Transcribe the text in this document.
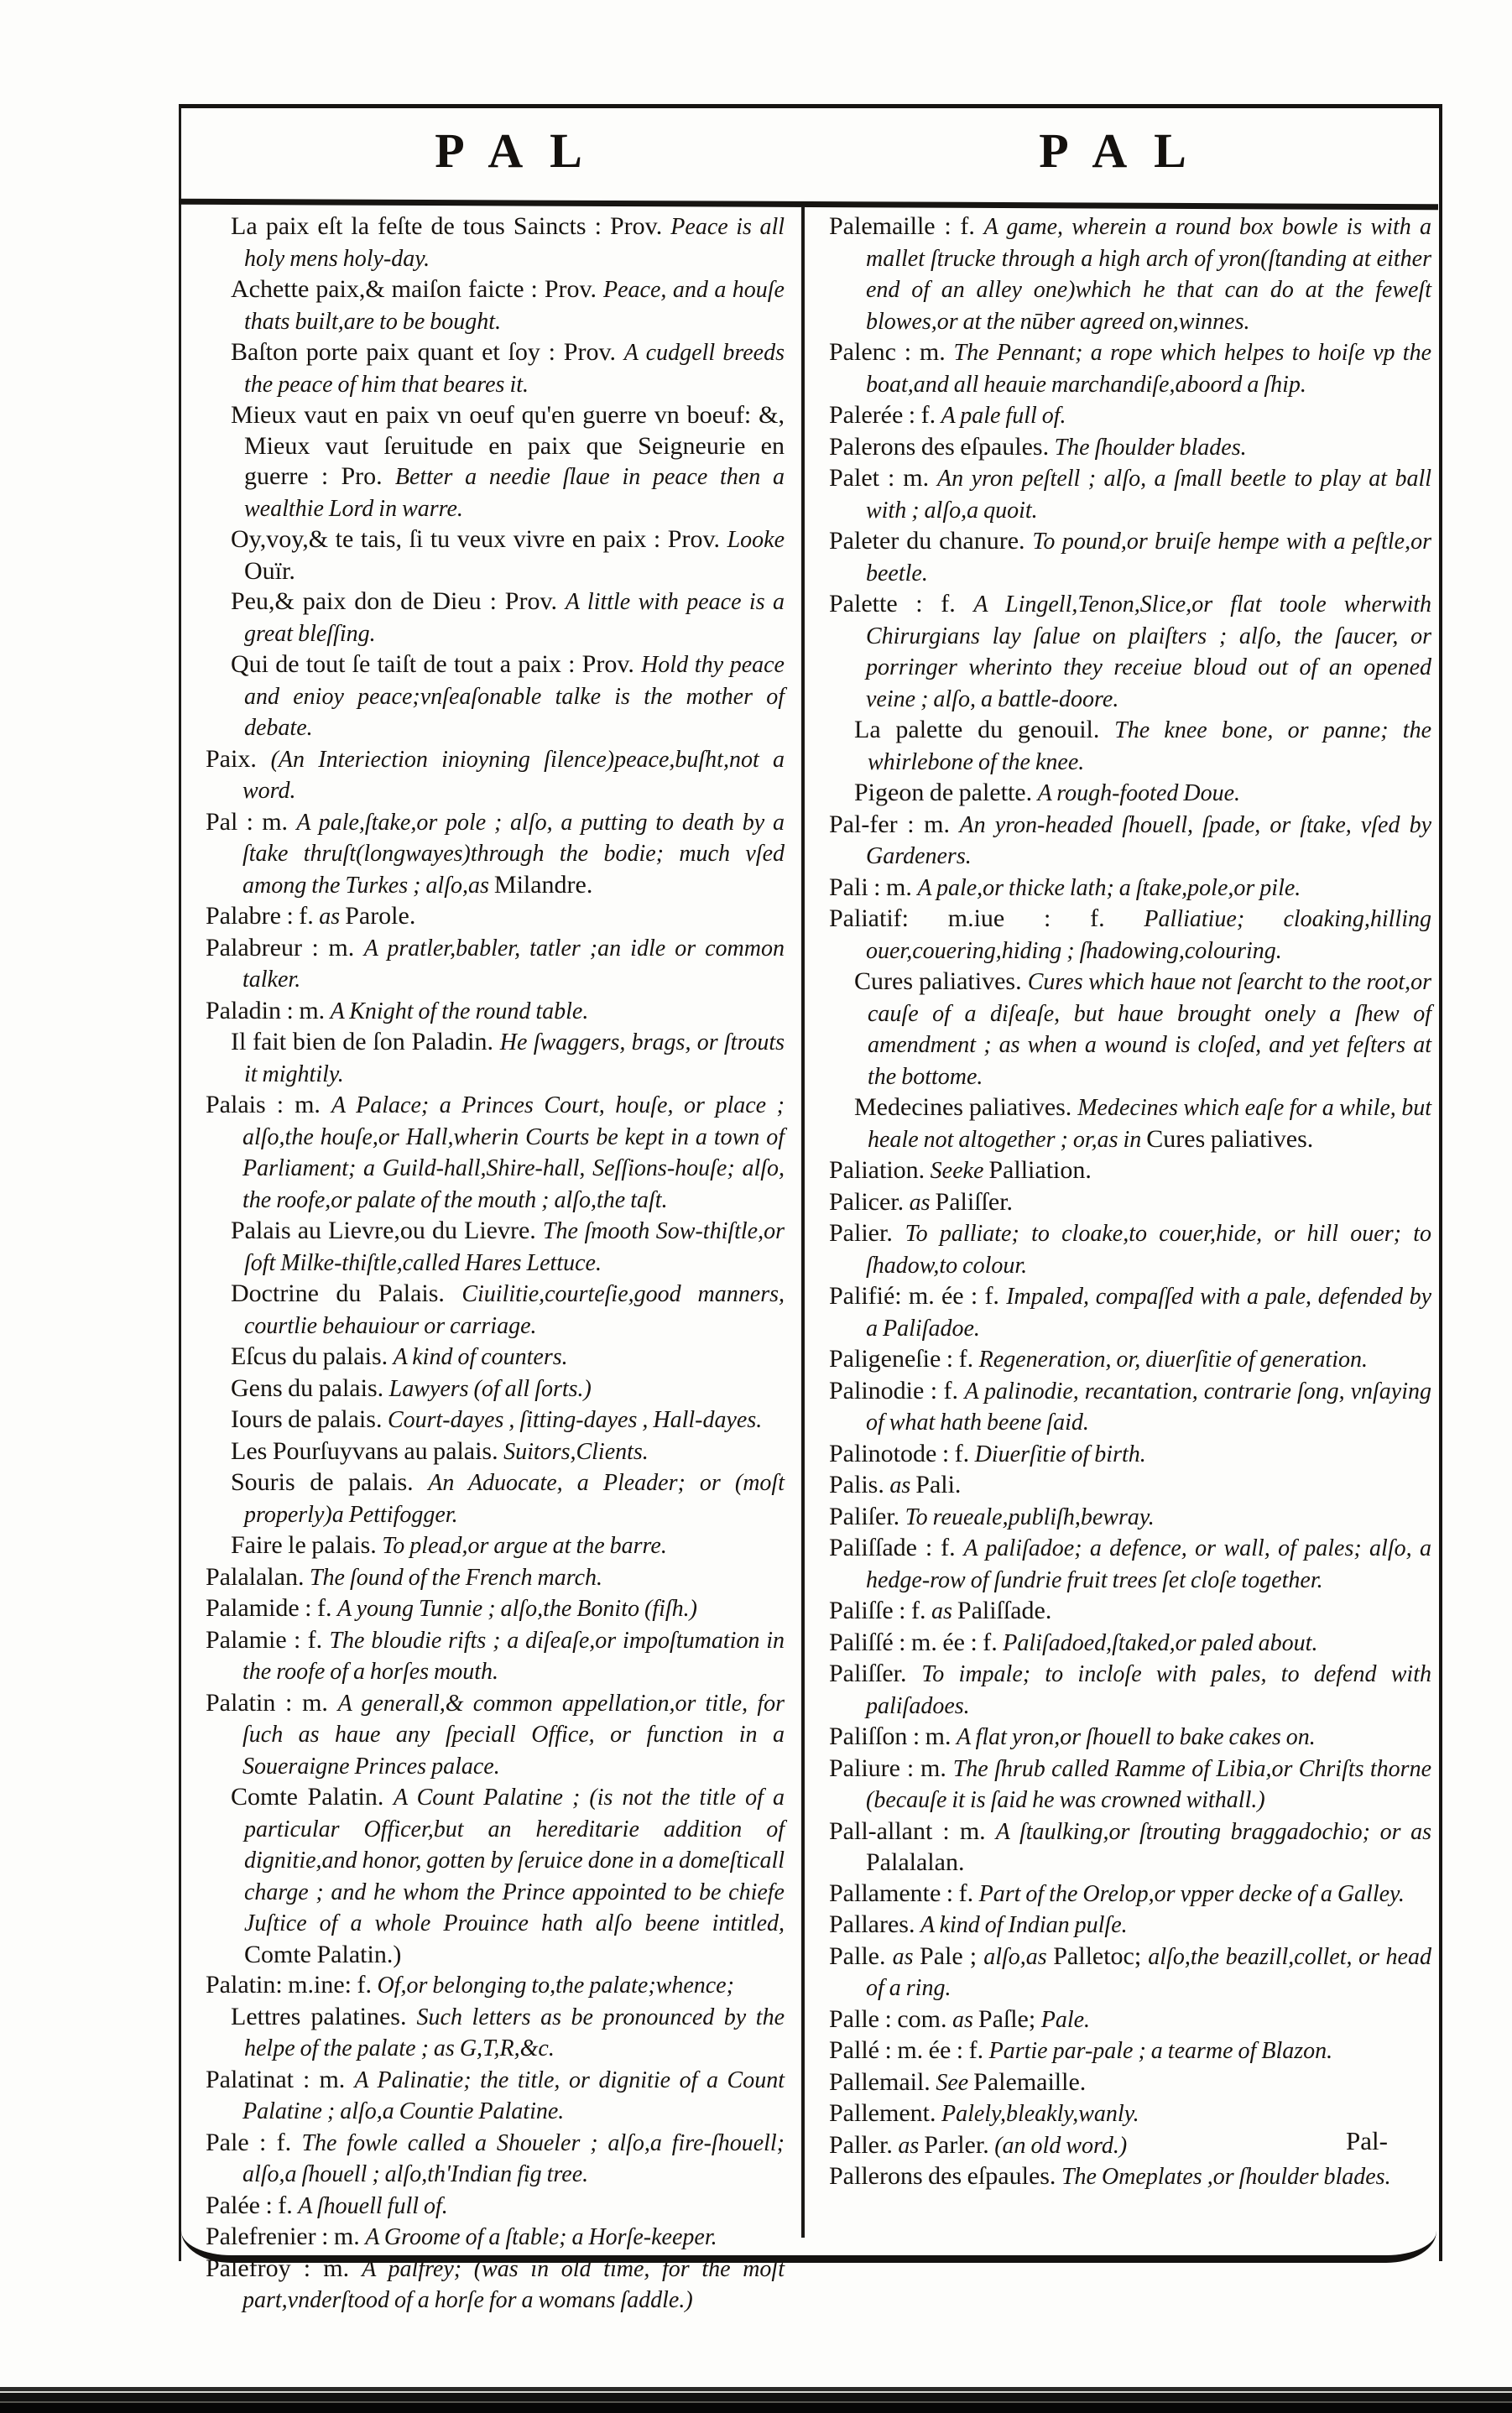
PAL	PAL

La paix eſt la feſte de tous Saincts : Prov. Peace is all holy mens holy-day.

Achette paix,& maiſon faicte : Prov. Peace, and a houſe thats built,are to be bought.

Baſton porte paix quant et ſoy : Prov. A cudgell breeds the peace of him that beares it.

Mieux vaut en paix vn oeuf qu'en guerre vn boeuf: &, Mieux vaut ſeruitude en paix que Seigneurie en guerre : Pro. Better a needie ſlaue in peace then a wealthie Lord in warre.

Oy,voy,& te tais, ſi tu veux vivre en paix : Prov. Looke Ouïr.

Peu,& paix don de Dieu : Prov. A little with peace is a great bleſſing.

Qui de tout ſe taiſt de tout a paix : Prov. Hold thy peace and enioy peace;vnſeaſonable talke is the mother of debate.

Paix. (An Interiection inioyning ſilence)peace,buſht,not a word.

Pal : m. A pale,ſtake,or pole ; alſo, a putting to death by a ſtake thruſt(longwayes)through the bodie; much vſed among the Turkes ; alſo,as Milandre.

Palabre : f. as Parole.

Palabreur : m. A pratler,babler, tatler ;an idle or common talker.

Paladin : m. A Knight of the round table.

Il fait bien de ſon Paladin. He ſwaggers, brags, or ſtrouts it mightily.

Palais : m. A Palace; a Princes Court, houſe, or place ; alſo,the houſe,or Hall,wherin Courts be kept in a town of Parliament; a Guild-hall,Shire-hall, Seſſions-houſe; alſo, the roofe,or palate of the mouth ; alſo,the taſt.

Palais au Lievre,ou du Lievre. The ſmooth Sow-thiſtle,or ſoft Milke-thiſtle,called Hares Lettuce.

Doctrine du Palais. Ciuilitie,courteſie,good manners, courtlie behauiour or carriage.

Eſcus du palais. A kind of counters.

Gens du palais. Lawyers (of all ſorts.)

Iours de palais. Court-dayes , ſitting-dayes , Hall-dayes.

Les Pourſuyvans au palais. Suitors,Clients.

Souris de palais. An Aduocate, a Pleader; or (moſt properly)a Pettifogger.

Faire le palais. To plead,or argue at the barre.

Palalalan. The ſound of the French march.

Palamide : f. A young Tunnie ; alſo,the Bonito (fiſh.)

Palamie : f. The bloudie rifts ; a diſeaſe,or impoſtumation in the roofe of a horſes mouth.

Palatin : m. A generall,& common appellation,or title, for ſuch as haue any ſpeciall Office, or function in a Soueraigne Princes palace.

Comte Palatin. A Count Palatine ; (is not the title of a particular Officer,but an hereditarie addition of dignitie,and honor, gotten by ſeruice done in a domeſticall charge ; and he whom the Prince appointed to be chiefe Juſtice of a whole Prouince hath alſo beene intitled, Comte Palatin.)

Palatin: m.ine: f. Of,or belonging to,the palate;whence;

Lettres palatines. Such letters as be pronounced by the helpe of the palate ; as G,T,R,&c.

Palatinat : m. A Palinatie; the title, or dignitie of a Count Palatine ; alſo,a Countie Palatine.

Pale : f. The fowle called a Shoueler ; alſo,a fire-ſhouell; alſo,a ſhouell ; alſo,th'Indian fig tree.

Palée : f. A ſhouell full of.

Palefrenier : m. A Groome of a ſtable; a Horſe-keeper.

Palefroy : m. A palfrey; (was in old time, for the moſt part,vnderſtood of a horſe for a womans ſaddle.)

Palemaille : f. A game, wherein a round box bowle is with a mallet ſtrucke through a high arch of yron(ſtanding at either end of an alley one)which he that can do at the feweſt blowes,or at the nūber agreed on,winnes.

Palenc : m. The Pennant; a rope which helpes to hoiſe vp the boat,and all heauie marchandiſe,aboord a ſhip.

Palerée : f. A pale full of.

Palerons des eſpaules. The ſhoulder blades.

Palet : m. An yron peſtell ; alſo, a ſmall beetle to play at ball with ; alſo,a quoit.

Paleter du chanure. To pound,or bruiſe hempe with a peſtle,or beetle.

Palette : f. A Lingell,Tenon,Slice,or flat toole wherwith Chirurgians lay ſalue on plaiſters ; alſo, the ſaucer, or porringer wherinto they receiue bloud out of an opened veine ; alſo, a battle-doore.

La palette du genouil. The knee bone, or panne; the whirlebone of the knee.

Pigeon de palette. A rough-footed Doue.

Pal-fer : m. An yron-headed ſhouell, ſpade, or ſtake, vſed by Gardeners.

Pali : m. A pale,or thicke lath; a ſtake,pole,or pile.

Paliatif: m.iue : f. Palliatiue; cloaking,hilling ouer,couering,hiding ; ſhadowing,colouring.

Cures paliatives. Cures which haue not ſearcht to the root,or cauſe of a diſeaſe, but haue brought onely a ſhew of amendment ; as when a wound is cloſed, and yet feſters at the bottome.

Medecines paliatives. Medecines which eaſe for a while, but heale not altogether ; or,as in Cures paliatives.

Paliation. Seeke Palliation.

Palicer. as Paliſſer.

Palier. To palliate; to cloake,to couer,hide, or hill ouer; to ſhadow,to colour.

Palifié: m. ée : f. Impaled, compaſſed with a pale, defended by a Paliſadoe.

Paligeneſie : f. Regeneration, or, diuerſitie of generation.

Palinodie : f. A palinodie, recantation, contrarie ſong, vnſaying of what hath beene ſaid.

Palinotode : f. Diuerſitie of birth.

Palis. as Pali.

Paliſer. To reueale,publiſh,bewray.

Paliſſade : f. A paliſadoe; a defence, or wall, of pales; alſo, a hedge-row of ſundrie fruit trees ſet cloſe together.

Paliſſe : f. as Paliſſade.

Paliſſé : m. ée : f. Paliſadoed,ſtaked,or paled about.

Paliſſer. To impale; to incloſe with pales, to defend with paliſadoes.

Paliſſon : m. A flat yron,or ſhouell to bake cakes on.

Paliure : m. The ſhrub called Ramme of Libia,or Chriſts thorne (becauſe it is ſaid he was crowned withall.)

Pall-allant : m. A ſtaulking,or ſtrouting braggadochio; or as Palalalan.

Pallamente : f. Part of the Orelop,or vpper decke of a Galley.

Pallares. A kind of Indian pulſe.

Palle. as Pale ; alſo,as Palletoc; alſo,the beazill,collet, or head of a ring.

Palle : com. as Paſle; Pale.

Pallé : m. ée : f. Partie par-pale ; a tearme of Blazon.

Pallemail. See Palemaille.

Pallement. Palely,bleakly,wanly.

Paller. as Parler. (an old word.)

Pallerons des eſpaules. The Omeplates ,or ſhoulder blades.

Pal-
